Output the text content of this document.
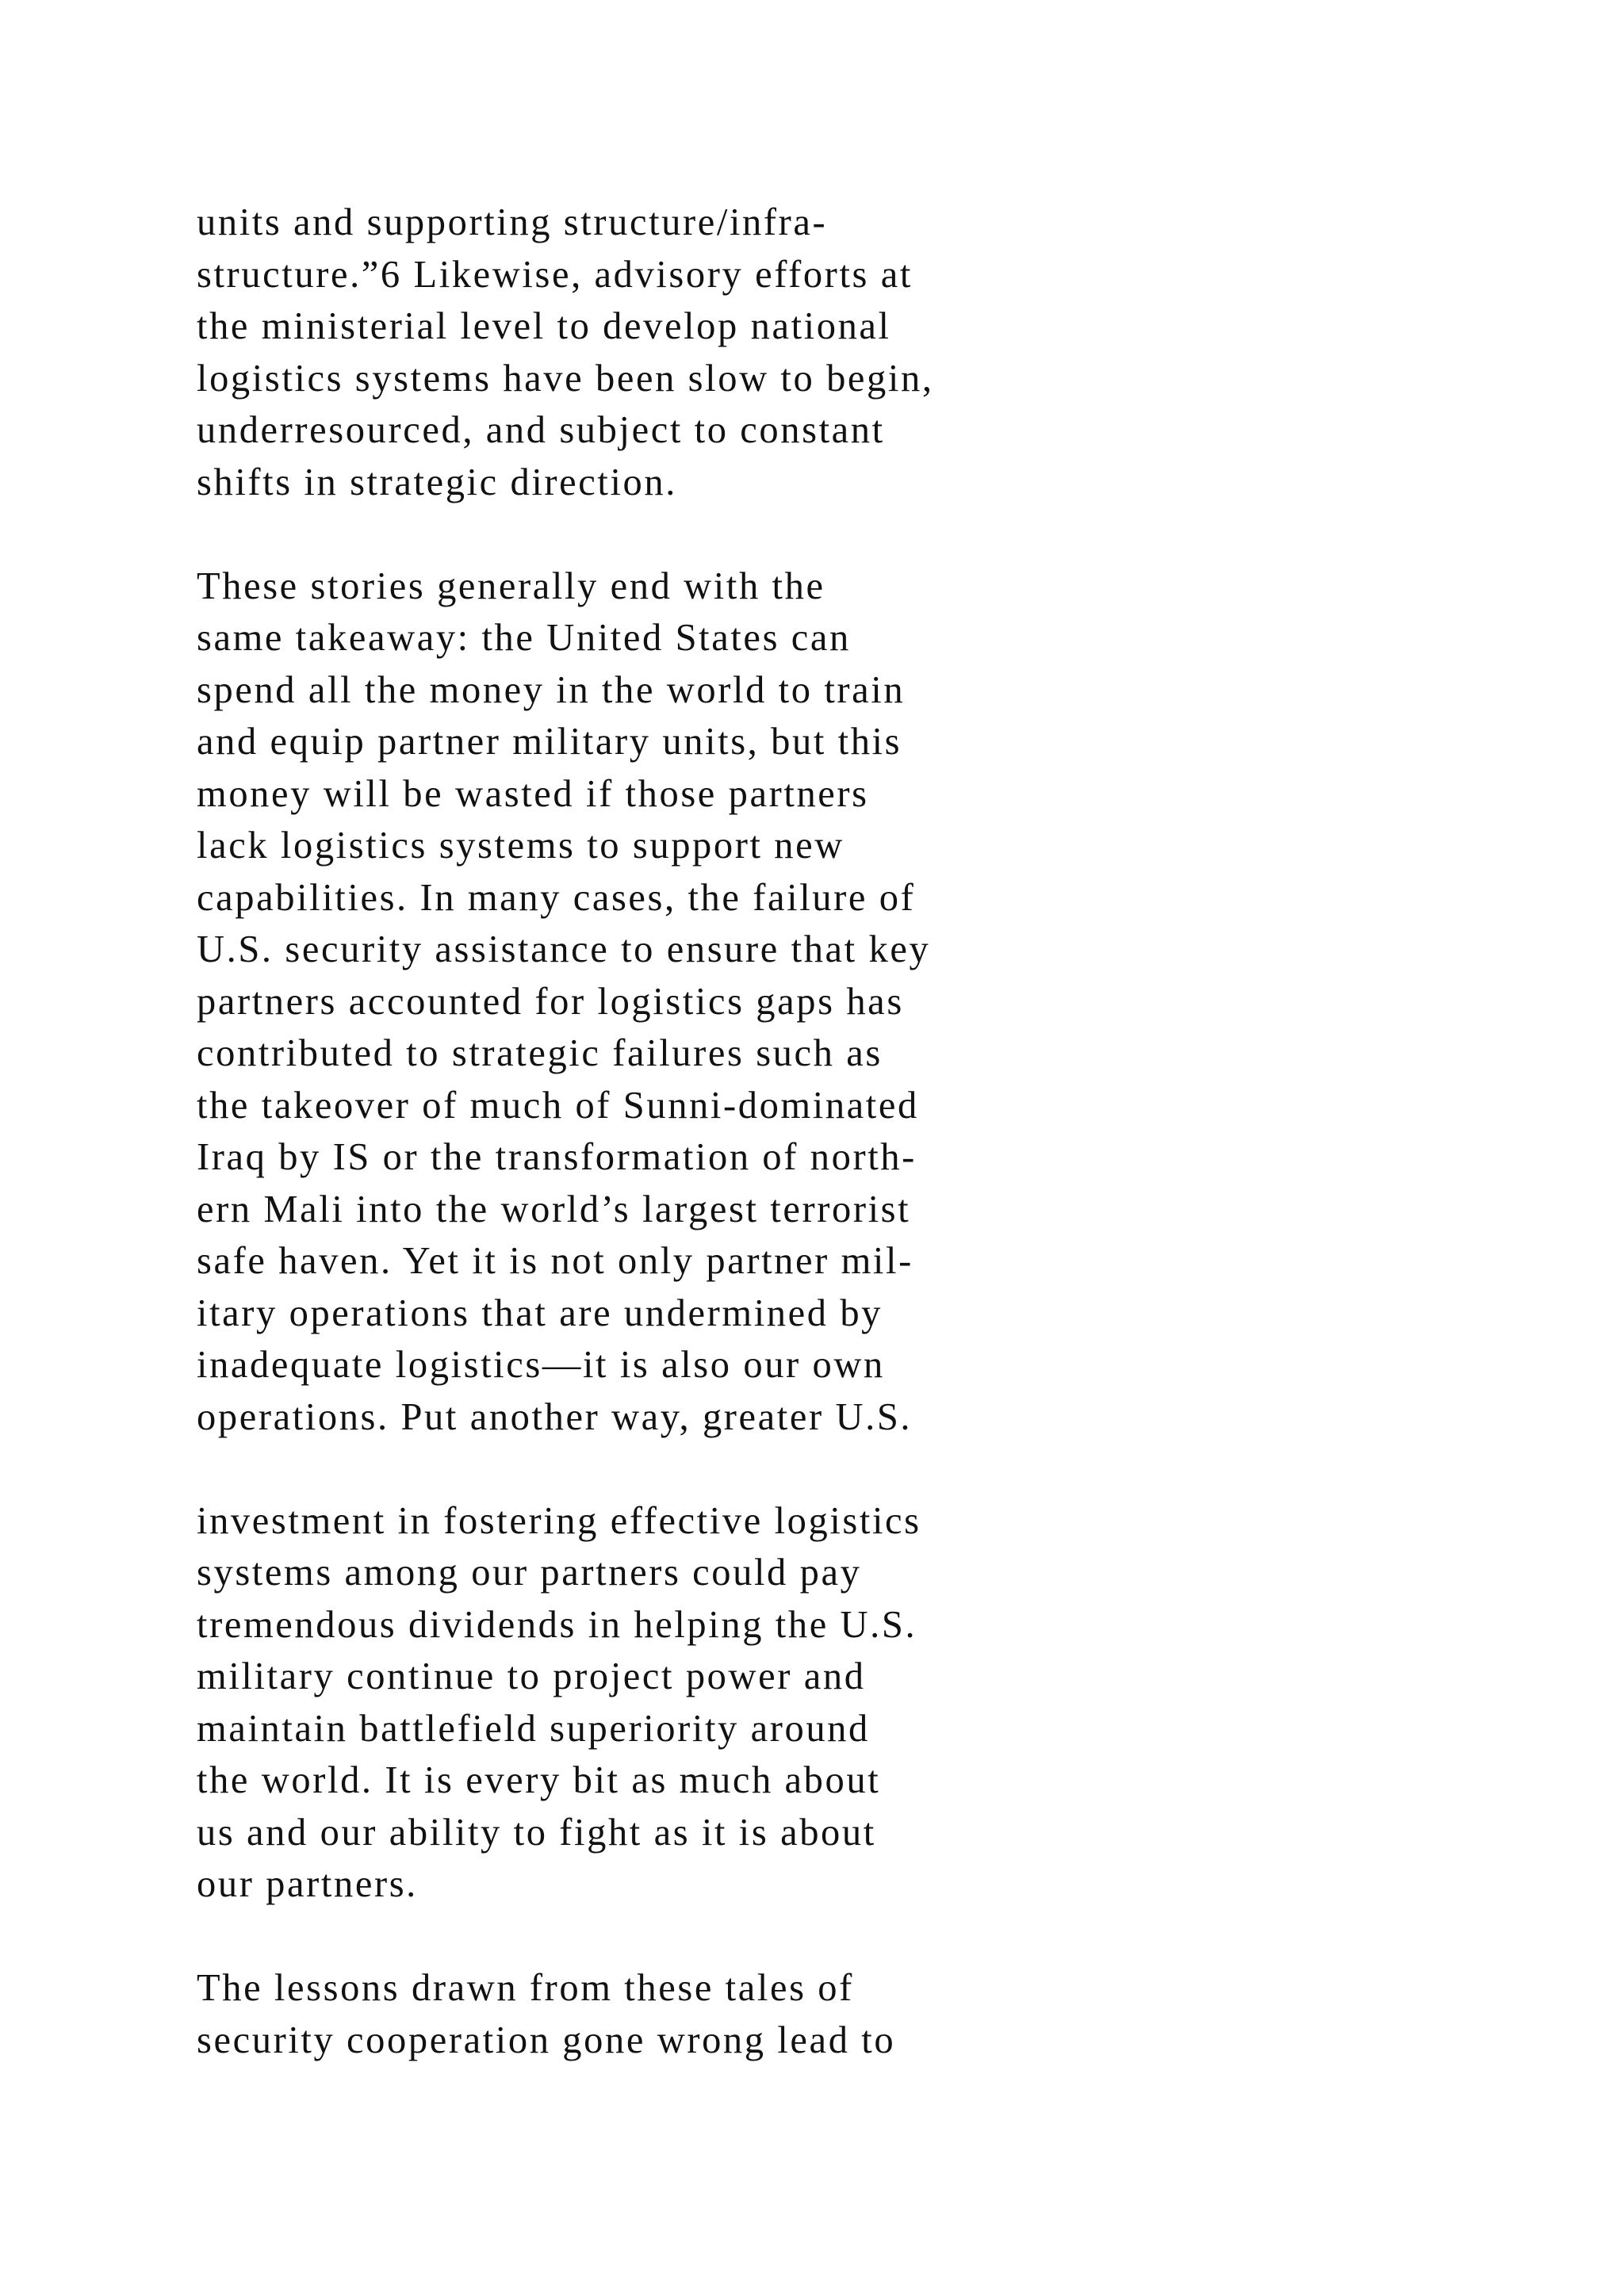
units and supporting structure/infra-
structure.”6 Likewise, advisory efforts at
the ministerial level to develop national
logistics systems have been slow to begin,
underresourced, and subject to constant
shifts in strategic direction.
These stories generally end with the
same takeaway: the United States can
spend all the money in the world to train
and equip partner military units, but this
money will be wasted if those partners
lack logistics systems to support new
capabilities. In many cases, the failure of
U.S. security assistance to ensure that key
partners accounted for logistics gaps has
contributed to strategic failures such as
the takeover of much of Sunni-dominated
Iraq by IS or the transformation of north-
ern Mali into the world’s largest terrorist
safe haven. Yet it is not only partner mil-
itary operations that are undermined by
inadequate logistics—it is also our own
operations. Put another way, greater U.S.
investment in fostering effective logistics
systems among our partners could pay
tremendous dividends in helping the U.S.
military continue to project power and
maintain battlefield superiority around
the world. It is every bit as much about
us and our ability to fight as it is about
our partners.
The lessons drawn from these tales of
security cooperation gone wrong lead to
